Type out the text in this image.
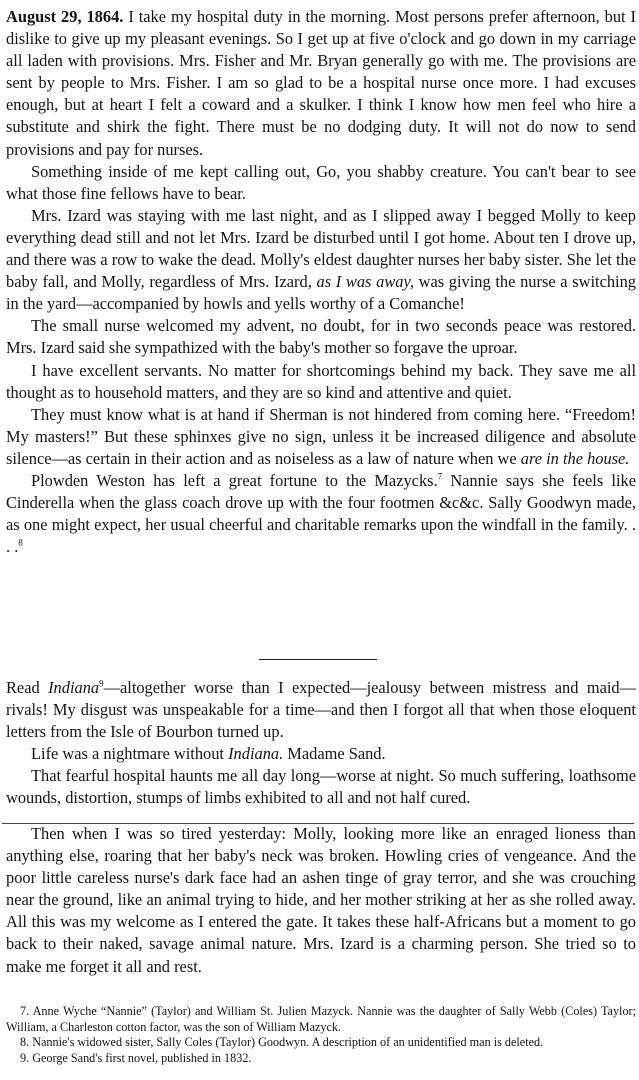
August 29, 1864. I take my hospital duty in the morning. Most persons prefer afternoon, but I dislike to give up my pleasant evenings. So I get up at five o'clock and go down in my carriage all laden with provisions. Mrs. Fisher and Mr. Bryan generally go with me. The provisions are sent by people to Mrs. Fisher. I am so glad to be a hospital nurse once more. I had excuses enough, but at heart I felt a coward and a skulker. I think I know how men feel who hire a substitute and shirk the fight. There must be no dodging duty. It will not do now to send provisions and pay for nurses.

Something inside of me kept calling out, Go, you shabby creature. You can't bear to see what those fine fellows have to bear.

Mrs. Izard was staying with me last night, and as I slipped away I begged Molly to keep everything dead still and not let Mrs. Izard be disturbed until I got home. About ten I drove up, and there was a row to wake the dead. Molly's eldest daughter nurses her baby sister. She let the baby fall, and Molly, regardless of Mrs. Izard, as I was away, was giving the nurse a switching in the yard—accompanied by howls and yells worthy of a Comanche!

The small nurse welcomed my advent, no doubt, for in two seconds peace was restored. Mrs. Izard said she sympathized with the baby's mother so forgave the uproar.

I have excellent servants. No matter for shortcomings behind my back. They save me all thought as to household matters, and they are so kind and attentive and quiet.

They must know what is at hand if Sherman is not hindered from coming here. “Freedom! My masters!” But these sphinxes give no sign, unless it be increased diligence and absolute silence—as certain in their action and as noiseless as a law of nature when we are in the house.

Plowden Weston has left a great fortune to the Mazycks.$^7$ Nannie says she feels like Cinderella when the glass coach drove up with the four footmen &c&c. Sally Goodwyn made, as one might expect, her usual cheerful and charitable remarks upon the windfall in the family. . . .$^8$

Read Indiana$^9$—altogether worse than I expected—jealousy between mistress and maid—rivals! My disgust was unspeakable for a time—and then I forgot all that when those eloquent letters from the Isle of Bourbon turned up.

Life was a nightmare without Indiana. Madame Sand.

That fearful hospital haunts me all day long—worse at night. So much suffering, loathsome wounds, distortion, stumps of limbs exhibited to all and not half cured.

Then when I was so tired yesterday: Molly, looking more like an enraged lioness than anything else, roaring that her baby's neck was broken. Howling cries of vengeance. And the poor little careless nurse's dark face had an ashen tinge of gray terror, and she was crouching near the ground, like an animal trying to hide, and her mother striking at her as she rolled away. All this was my welcome as I entered the gate. It takes these half-Africans but a moment to go back to their naked, savage animal nature. Mrs. Izard is a charming person. She tried so to make me forget it all and rest.

7. Anne Wyche “Nannie” (Taylor) and William St. Julien Mazyck. Nannie was the daughter of Sally Webb (Coles) Taylor; William, a Charleston cotton factor, was the son of William Mazyck.

8. Nannie's widowed sister, Sally Coles (Taylor) Goodwyn. A description of an unidentified man is deleted.

9. George Sand's first novel, published in 1832.
